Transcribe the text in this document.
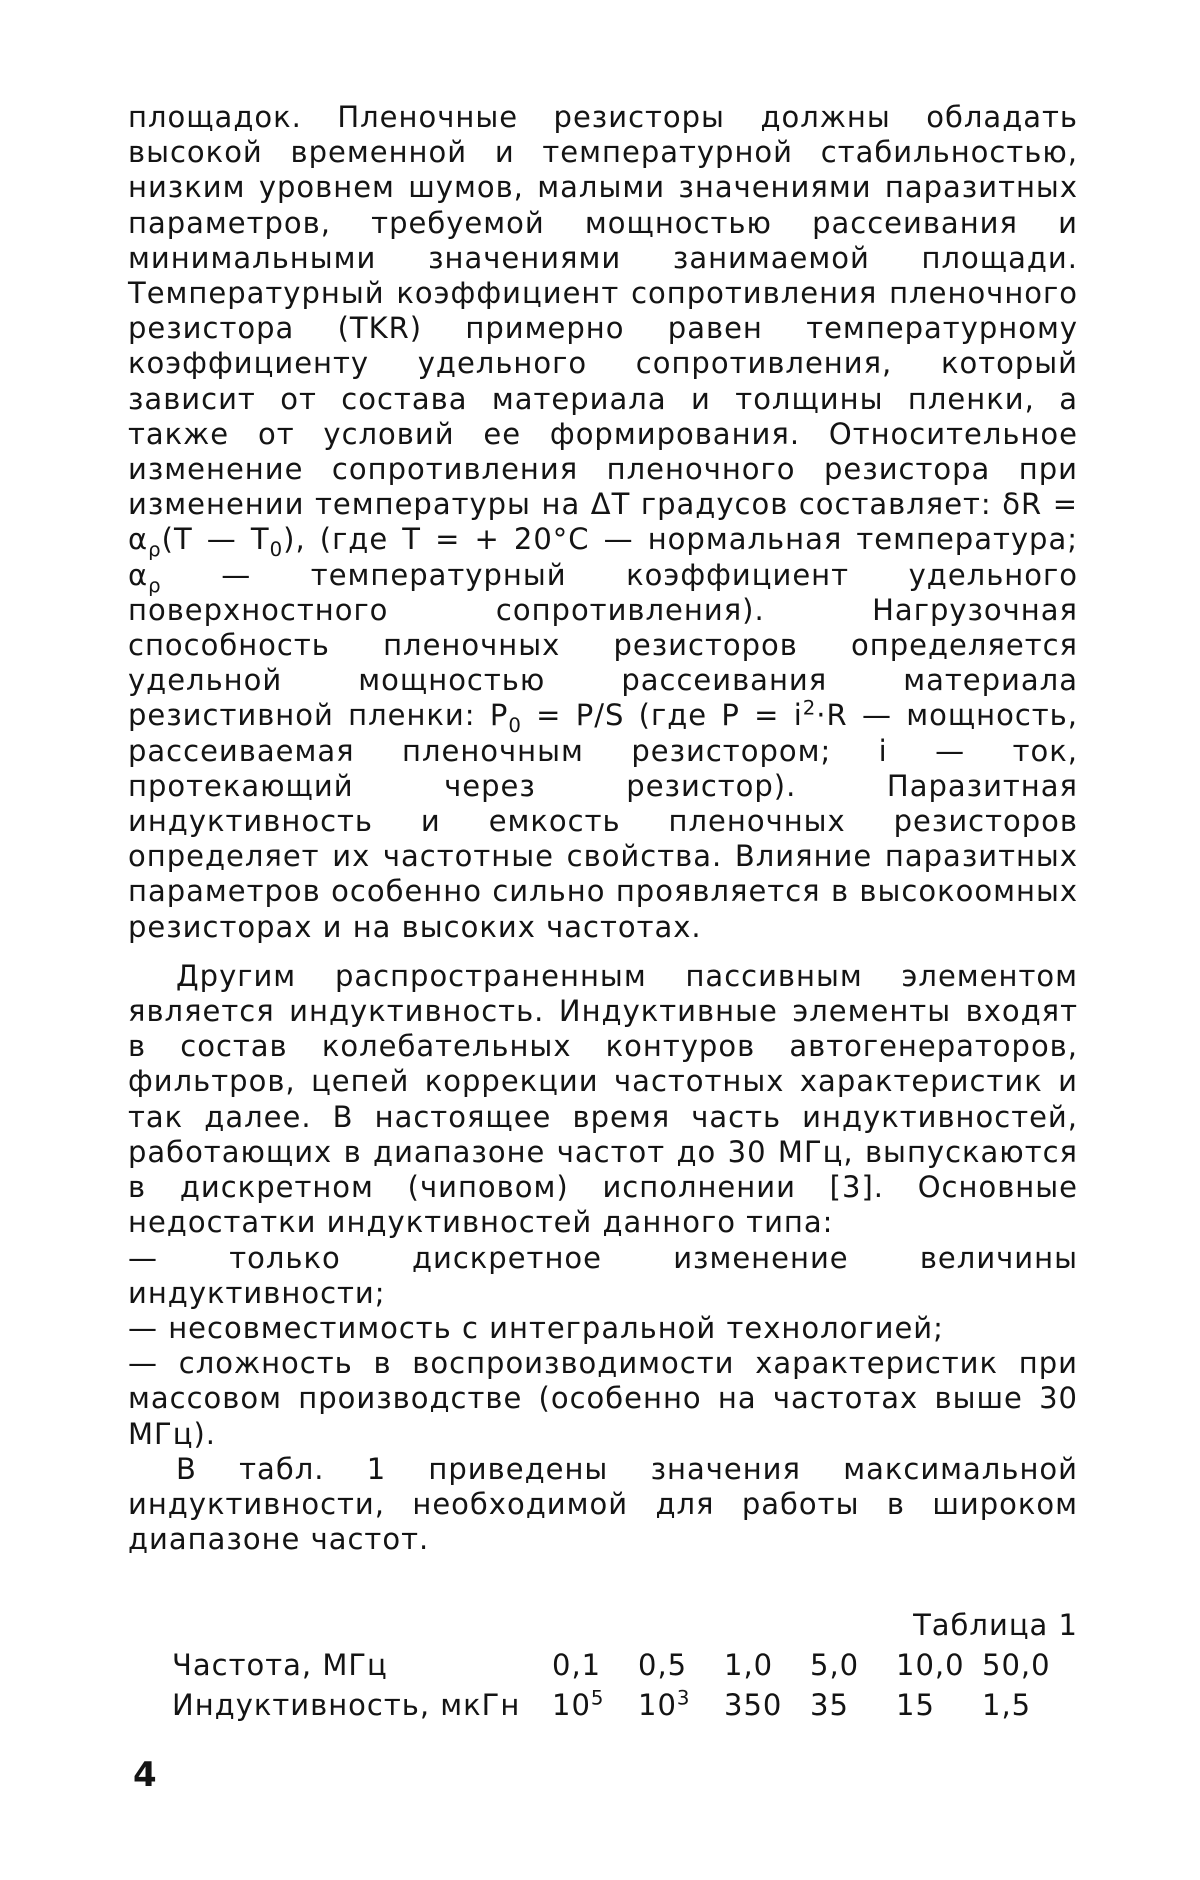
площадок. Пленочные резисторы должны обладать высокой временной и температурной стабильностью, низким уровнем шумов, малыми значениями паразитных параметров, требуемой мощностью рассеивания и минимальными значениями занимаемой площади. Температурный коэффициент сопротивления пленочного резистора (TKR) примерно равен температурному коэффициенту удельного сопротивления, который зависит от состава материала и толщины пленки, а также от условий ее формирования. Относительное изменение сопротивления пленочного резистора при изменении температуры на ΔT градусов составляет: $\delta R = \alpha_\rho(T$ — $T_0$), (где T = + 20°C — нормальная температура; $\alpha_\rho$ — температурный коэффициент удельного поверхностного сопротивления). Нагрузочная способность пленочных резисторов определяется удельной мощностью рассеивания материала резистивной пленки: $P_0 = P/S$ (где $P = i^2\cdot R$ — мощность, рассеиваемая пленочным резистором; i — ток, протекающий через резистор). Паразитная индуктивность и емкость пленочных резисторов определяет их частотные свойства. Влияние паразитных параметров особенно сильно проявляется в высокоомных резисторах и на высоких частотах.

Другим распространенным пассивным элементом является индуктивность. Индуктивные элементы входят в состав колебательных контуров автогенераторов, фильтров, цепей коррекции частотных характеристик и так далее. В настоящее время часть индуктивностей, работающих в диапазоне частот до 30 МГц, выпускаются в дискретном (чиповом) исполнении [3]. Основные недостатки индуктивностей данного типа:

— только дискретное изменение величины индуктивности;

— несовместимость с интегральной технологией;

— сложность в воспроизводимости характеристик при массовом производстве (особенно на частотах выше 30 МГц).

В табл. 1 приведены значения максимальной индуктивности, необходимой для работы в широком диапазоне частот.

Таблица 1
Частота, МГц	0,1	0,5	1,0	5,0	10,0	50,0
Индуктивность, мкГн	$10^5$	$10^3$	350	35	15	1,5
4
